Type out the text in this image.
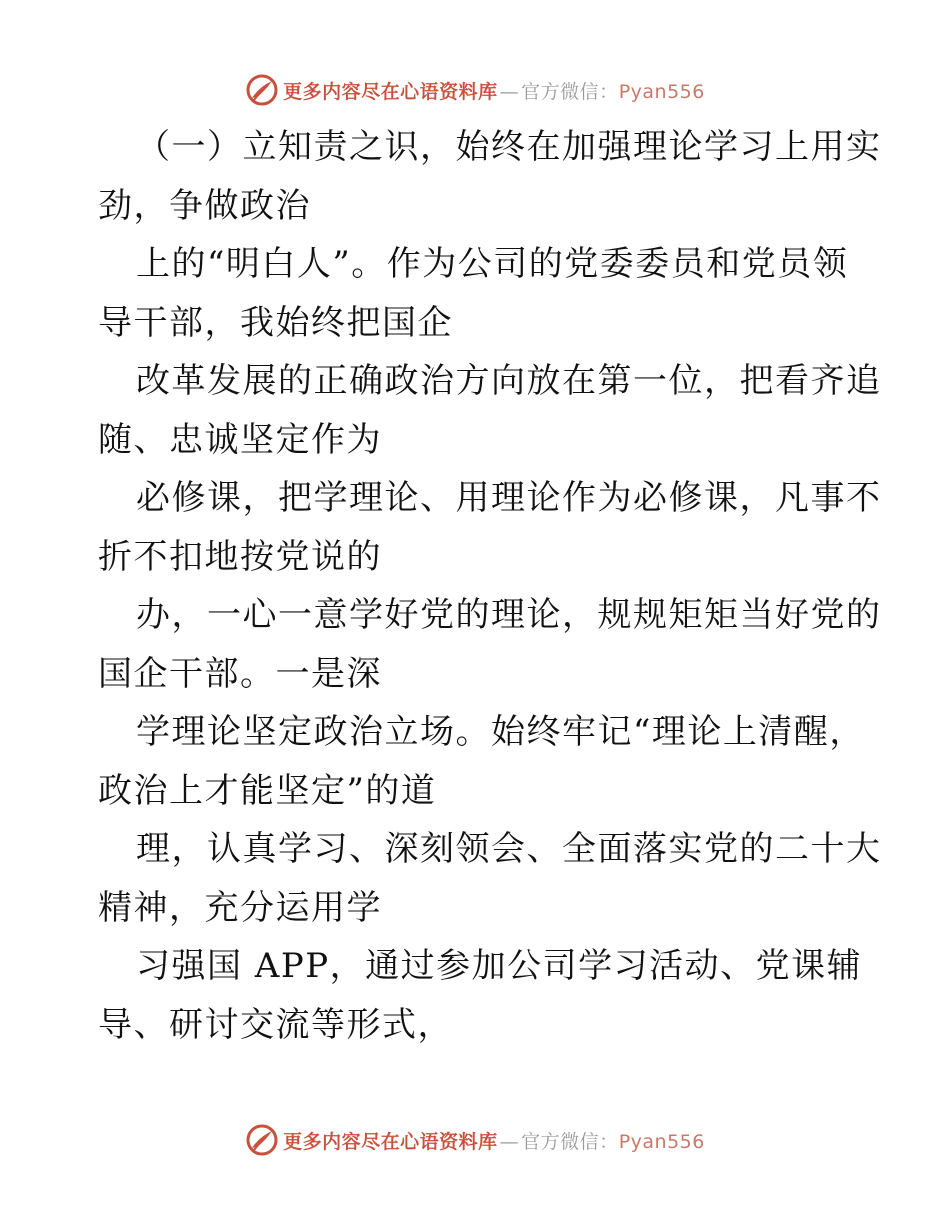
更多内容尽在心语资料库 — 官方微信：Pyan556
（一）立知责之识，始终在加强理论学习上用实
劲，争做政治
上的“明白人”。作为公司的党委委员和党员领
导干部，我始终把国企
改革发展的正确政治方向放在第一位，把看齐追
随、忠诚坚定作为
必修课，把学理论、用理论作为必修课，凡事不
折不扣地按党说的
办，一心一意学好党的理论，规规矩矩当好党的
国企干部。一是深
学理论坚定政治立场。始终牢记“理论上清醒，
政治上才能坚定”的道
理，认真学习、深刻领会、全面落实党的二十大
精神，充分运用学
习强国 APP，通过参加公司学习活动、党课辅
导、研讨交流等形式，
更多内容尽在心语资料库 — 官方微信：Pyan556
